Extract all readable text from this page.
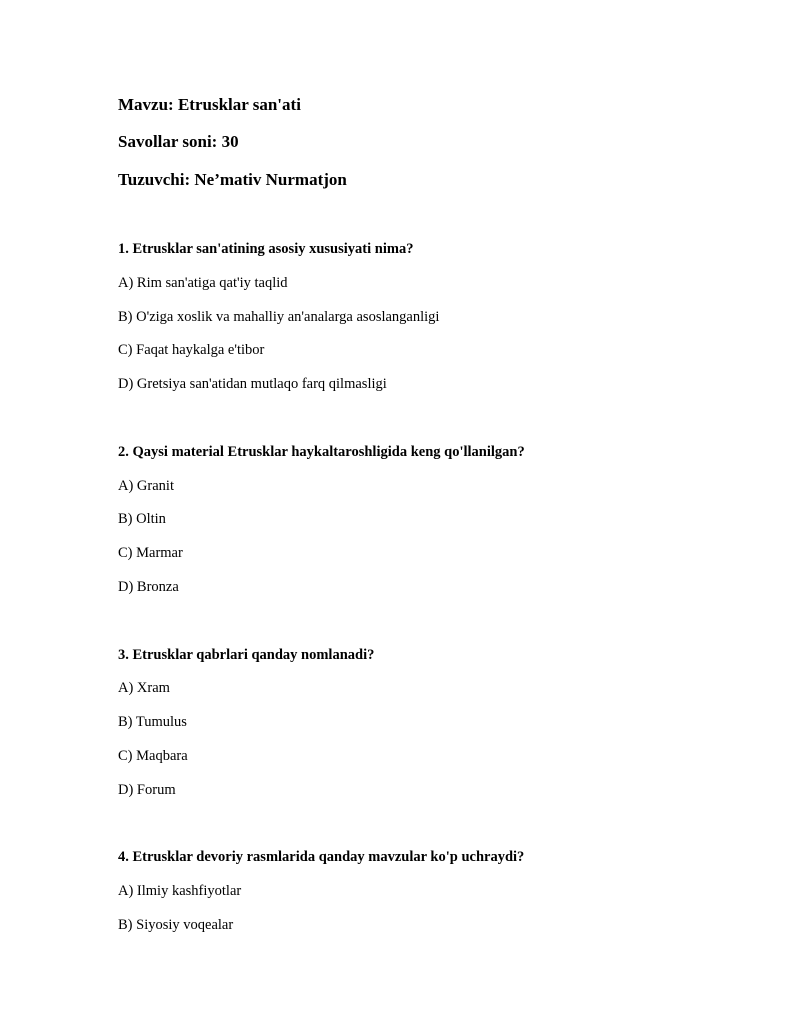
Mavzu: Etrusklar san'ati
Savollar soni: 30
Tuzuvchi: Ne’mativ Nurmatjon
1. Etrusklar san'atining asosiy xususiyati nima?
A) Rim san'atiga qat'iy taqlid
B) O'ziga xoslik va mahalliy an'analarga asoslanganligi
C) Faqat haykalga e'tibor
D) Gretsiya san'atidan mutlaqo farq qilmasligi
2. Qaysi material Etrusklar haykaltaroshligida keng qo'llanilgan?
A) Granit
B) Oltin
C) Marmar
D) Bronza
3. Etrusklar qabrlari qanday nomlanadi?
A) Xram
B) Tumulus
C) Maqbara
D) Forum
4. Etrusklar devoriy rasmlarida qanday mavzular ko'p uchraydi?
A) Ilmiy kashfiyotlar
B) Siyosiy voqealar
